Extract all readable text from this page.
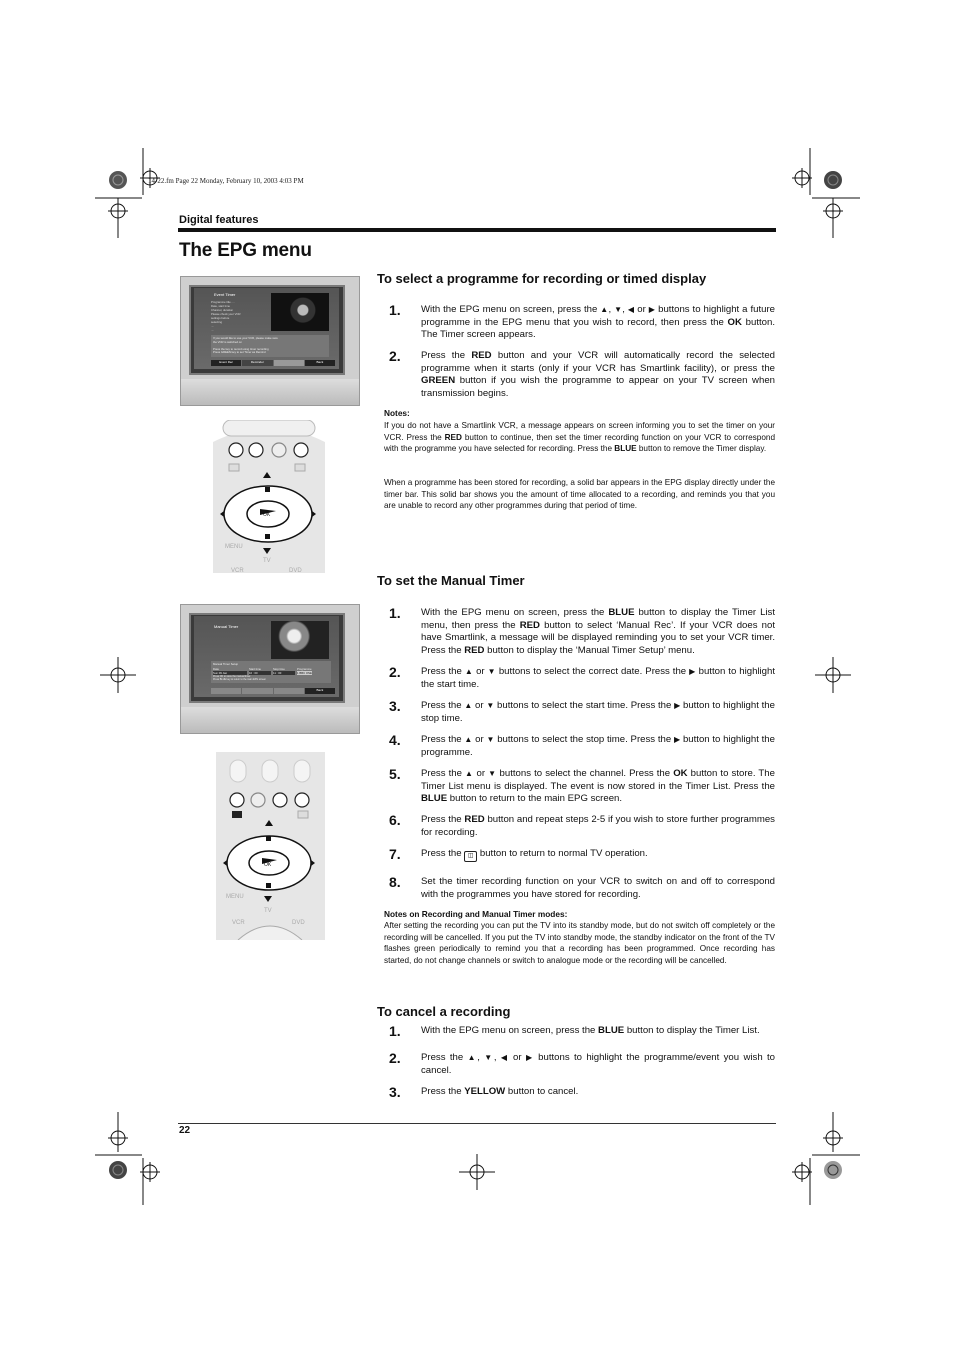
14-22.fm Page 22 Monday, February 10, 2003 4:03 PM
Digital features
The EPG menu
Event Timer
Programme title ....
Date, start time
Channel, duration
Please check your VCR
settings before
selecting
....
....
If you would like to use your VCR, please make sure
the VCR is switched on

Press the key to record using timer recording
Press GREEN key to set Timer as Remind
Event Rec	Reminder	Back
OK
MENU
TV
VCR	DVD
Manual Timer
Manual Timer Setup
Date	Start time	Stop time	Programme
Sun 09 Jan	10 : 00	11 : 00	1 BBC ONE
Press OK to store the manual timer.
Press BLUE key to return to the main EPG screen
Back
OK
MENU
TV
VCR	DVD
To select a programme for recording or timed display
1. With the EPG menu on screen, press the ▲, ▼, ◀ or ▶ buttons to highlight a future programme in the EPG menu that you wish to record, then press the OK button. The Timer screen appears.
2. Press the RED button and your VCR will automatically record the selected programme when it starts (only if your VCR has Smartlink facility), or press the GREEN button if you wish the programme to appear on your TV screen when transmission begins.
Notes:
If you do not have a Smartlink VCR, a message appears on screen informing you to set the timer on your VCR. Press the RED button to continue, then set the timer recording function on your VCR to correspond with the programme you have selected for recording. Press the BLUE button to remove the Timer display.
When a programme has been stored for recording, a solid bar appears in the EPG display directly under the timer bar. This solid bar shows you the amount of time allocated to a recording, and reminds you that you are unable to record any other programmes during that period of time.
To set the Manual Timer
1. With the EPG menu on screen, press the BLUE button to display the Timer List menu, then press the RED button to select ‘Manual Rec’. If your VCR does not have Smartlink, a message will be displayed reminding you to set your VCR timer. Press the RED button to display the ‘Manual Timer Setup’ menu.
2. Press the ▲ or ▼ buttons to select the correct date. Press the ▶ button to highlight the start time.
3. Press the ▲ or ▼ buttons to select the start time. Press the ▶ button to highlight the stop time.
4. Press the ▲ or ▼ buttons to select the stop time. Press the ▶ button to highlight the programme.
5. Press the ▲ or ▼ buttons to select the channel. Press the OK button to store. The Timer List menu is displayed. The event is now stored in the Timer List. Press the BLUE button to return to the main EPG screen.
6. Press the RED button and repeat steps 2-5 if you wish to store further programmes for recording.
7. Press the ◫ button to return to normal TV operation.
8. Set the timer recording function on your VCR to switch on and off to correspond with the programmes you have stored for recording.
Notes on Recording and Manual Timer modes:
After setting the recording you can put the TV into its standby mode, but do not switch off completely or the recording will be cancelled. If you put the TV into standby mode, the standby indicator on the front of the TV flashes green periodically to remind you that a recording has been programmed. Once recording has started, do not change channels or switch to analogue mode or the recording will be cancelled.
To cancel a recording
1. With the EPG menu on screen, press the BLUE button to display the Timer List.
2. Press the ▲, ▼, ◀ or ▶ buttons to highlight the programme/event you wish to cancel.
3. Press the YELLOW button to cancel.
22
